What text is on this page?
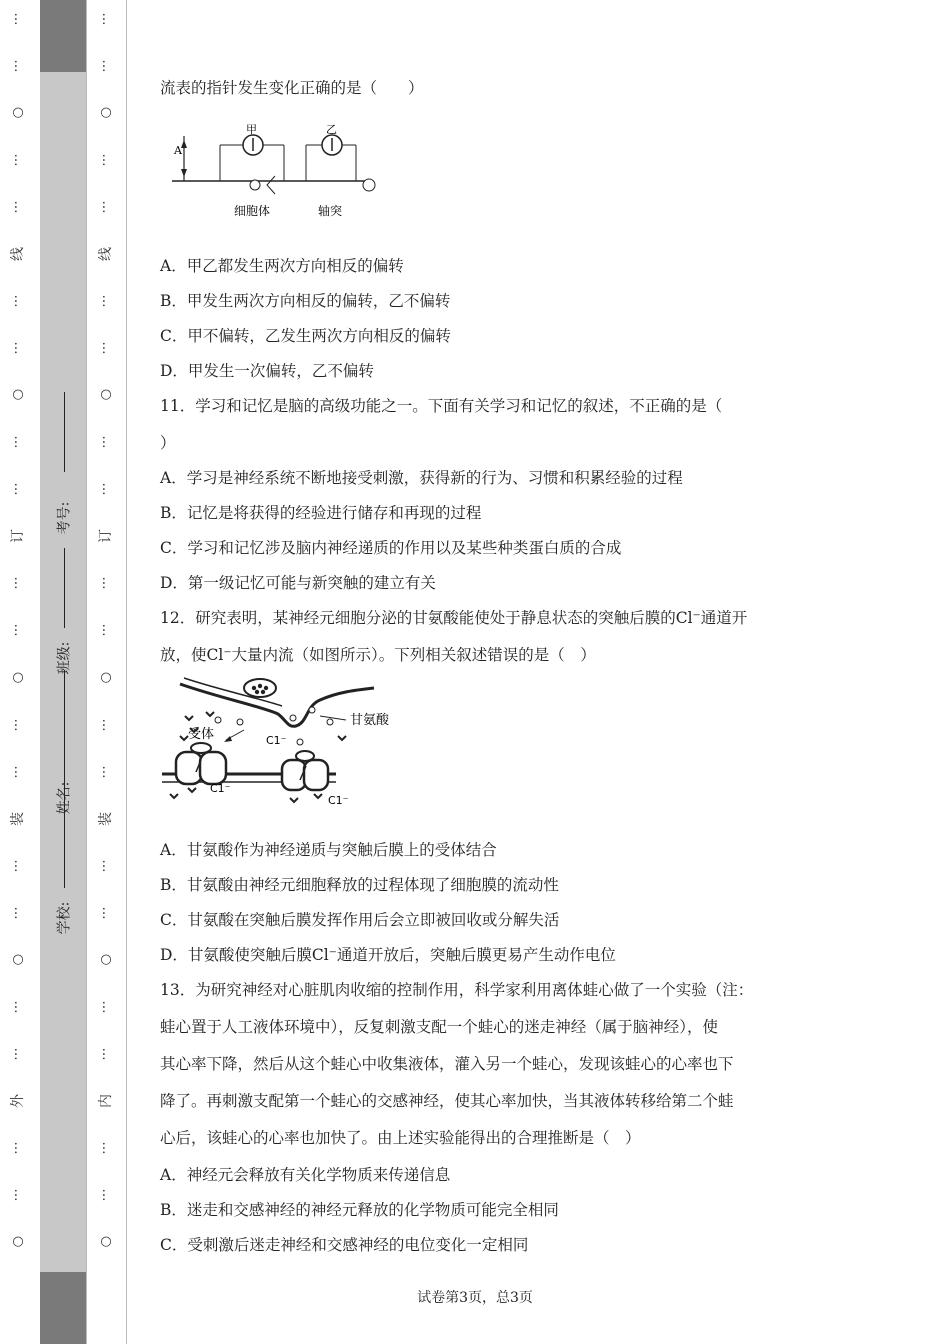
…
…
○
…
…
线
…
…
○
…
…
订
…
…
○
…
…
装
…
…
○
…
…
外
…
…
○
…
…
○
…
…
线
…
…
○
…
…
订
…
…
○
…
…
装
…
…
○
…
…
内
…
…
○
学校:
姓名:
班级:
考号:
流表的指针发生变化正确的是（　　）
A
甲	乙
细胞体	轴突
A．甲乙都发生两次方向相反的偏转
B．甲发生两次方向相反的偏转，乙不偏转
C．甲不偏转，乙发生两次方向相反的偏转
D．甲发生一次偏转，乙不偏转
11．学习和记忆是脑的高级功能之一。下面有关学习和记忆的叙述，不正确的是（
）
A．学习是神经系统不断地接受刺激，获得新的行为、习惯和积累经验的过程
B．记忆是将获得的经验进行储存和再现的过程
C．学习和记忆涉及脑内神经递质的作用以及某些种类蛋白质的合成
D．第一级记忆可能与新突触的建立有关
12．研究表明，某神经元细胞分泌的甘氨酸能使处于静息状态的突触后膜的Cl⁻通道开
放，使Cl⁻大量内流（如图所示）。下列相关叙述错误的是（　）
甘氨酸
受体	C1⁻
C1⁻
C1⁻
A．甘氨酸作为神经递质与突触后膜上的受体结合
B．甘氨酸由神经元细胞释放的过程体现了细胞膜的流动性
C．甘氨酸在突触后膜发挥作用后会立即被回收或分解失活
D．甘氨酸使突触后膜Cl⁻通道开放后，突触后膜更易产生动作电位
13．为研究神经对心脏肌肉收缩的控制作用，科学家利用离体蛙心做了一个实验（注：
蛙心置于人工液体环境中），反复刺激支配一个蛙心的迷走神经（属于脑神经），使
其心率下降，然后从这个蛙心中收集液体，灌入另一个蛙心，发现该蛙心的心率也下
降了。再刺激支配第一个蛙心的交感神经，使其心率加快，当其液体转移给第二个蛙
心后，该蛙心的心率也加快了。由上述实验能得出的合理推断是（　）
A．神经元会释放有关化学物质来传递信息
B．迷走和交感神经的神经元释放的化学物质可能完全相同
C．受刺激后迷走神经和交感神经的电位变化一定相同
试卷第3页，总3页
